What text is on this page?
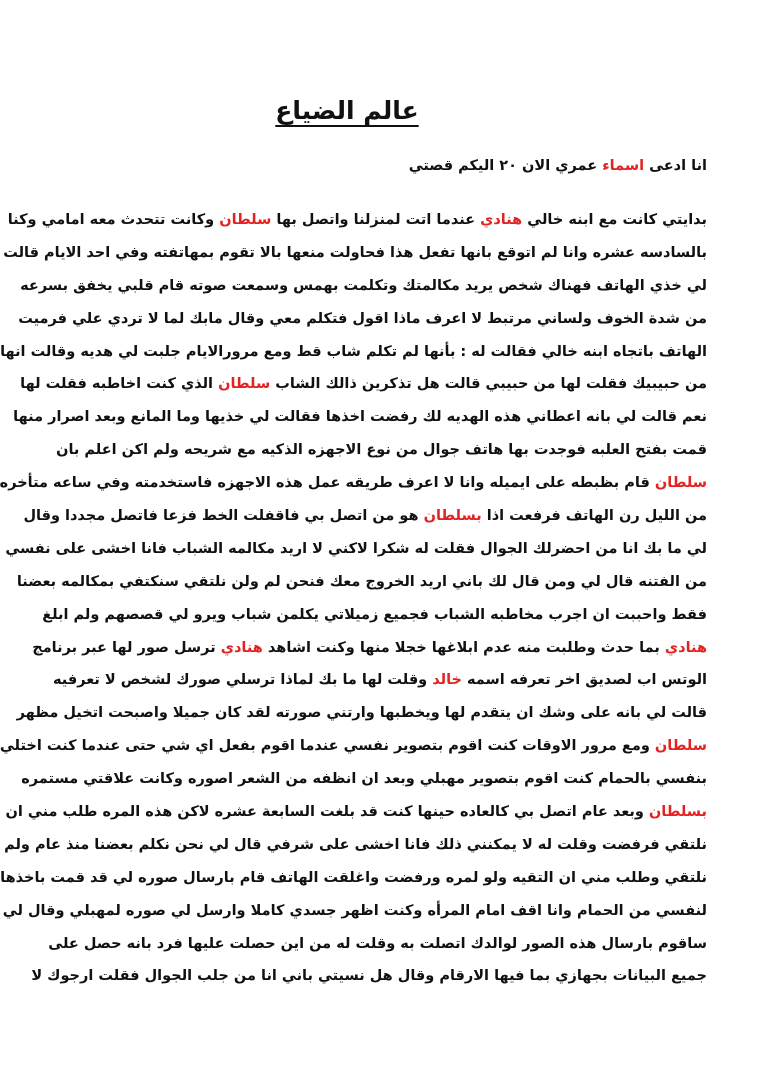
عالم الضياع
انا ادعى اسماء عمري الان ٢٠ اليكم قصتي
بدايتي كانت مع ابنه خالي هنادي عندما اتت لمنزلنا واتصل بها سلطان وكانت تتحدث معه امامي وكنا
بالسادسه عشره وانا لم اتوقع بانها تفعل هذا فحاولت منعها بالا تقوم بمهاتفته وفي احد الايام قالت
لي خذي الهاتف فهناك شخص يريد مكالمتك وتكلمت بهمس وسمعت صوته قام قلبي يخفق بسرعه
من شدة الخوف ولساني مرتبط لا اعرف ماذا اقول فتكلم معي وقال مابك لما لا تردي علي فرميت
الهاتف باتجاه ابنه خالي فقالت له : بأنها لم تكلم شاب قط ومع مرورالايام جلبت لي هديه وقالت انها
من حبيبيك فقلت لها من حبيبي قالت هل تذكرين ذالك الشاب سلطان الذي كنت اخاطبه فقلت لها
نعم قالت لي بانه اعطاني هذه الهديه لك رفضت اخذها فقالت لي خذيها وما المانع وبعد اصرار منها
قمت بفتح العلبه فوجدت بها هاتف جوال من نوع الاجهزه الذكيه مع شريحه ولم اكن اعلم بان
سلطان قام بظبطه على ايميله وانا لا اعرف طريقه عمل هذه الاجهزه فاستخدمته وفي ساعه متأخره
من الليل رن الهاتف فرفعت اذا بسلطان هو من اتصل بي فاقفلت الخط فزعا فاتصل مجددا وقال
لي ما بك انا من احضرلك الجوال فقلت له شكرا لاكني لا اريد مكالمه الشباب فانا اخشى على نفسي
من الفتنه قال لي ومن قال لك باني اريد الخروج معك فنحن لم ولن نلتقي سنكتفي بمكالمه بعضنا
فقط واحببت ان اجرب مخاطبه الشباب فجميع زميلاتي يكلمن شباب ويرو لي قصصهم ولم ابلغ
هنادي بما حدث وطلبت منه عدم ابلاغها خجلا منها وكنت اشاهد هنادي ترسل صور لها عبر برنامج
الوتس اب لصديق اخر تعرفه اسمه خالد وقلت لها ما بك لماذا ترسلي صورك لشخص لا تعرفيه
قالت لي بانه على وشك ان يتقدم لها ويخطبها وارتني صورته لقد كان جميلا واصبحت اتخيل مظهر
سلطان ومع مرور الاوقات كنت اقوم بتصوير نفسي عندما اقوم بفعل اي شي حتى عندما كنت اختلي
بنفسي بالحمام كنت اقوم بتصوير مهبلي وبعد ان انظفه من الشعر اصوره وكانت علاقتي مستمره
بسلطان وبعد عام اتصل بي كالعاده حينها كنت قد بلغت السابعة عشره لاكن هذه المره طلب مني ان
نلتقي فرفضت وقلت له لا يمكنني ذلك فانا اخشى على شرفي قال لي نحن نكلم بعضنا منذ عام ولم
نلتقي وطلب مني ان التقيه ولو لمره ورفضت واغلقت الهاتف قام بارسال صوره لي قد قمت باخذها
لنفسي من الحمام وانا اقف امام المرأه وكنت اظهر جسدي كاملا وارسل لي صوره لمهبلي وقال لي
ساقوم بارسال هذه الصور لوالدك اتصلت به وقلت له من اين حصلت عليها فرد بانه حصل على
جميع البيانات بجهازي بما فيها الارقام وقال هل نسيتي باني انا من جلب الجوال فقلت ارجوك لا
